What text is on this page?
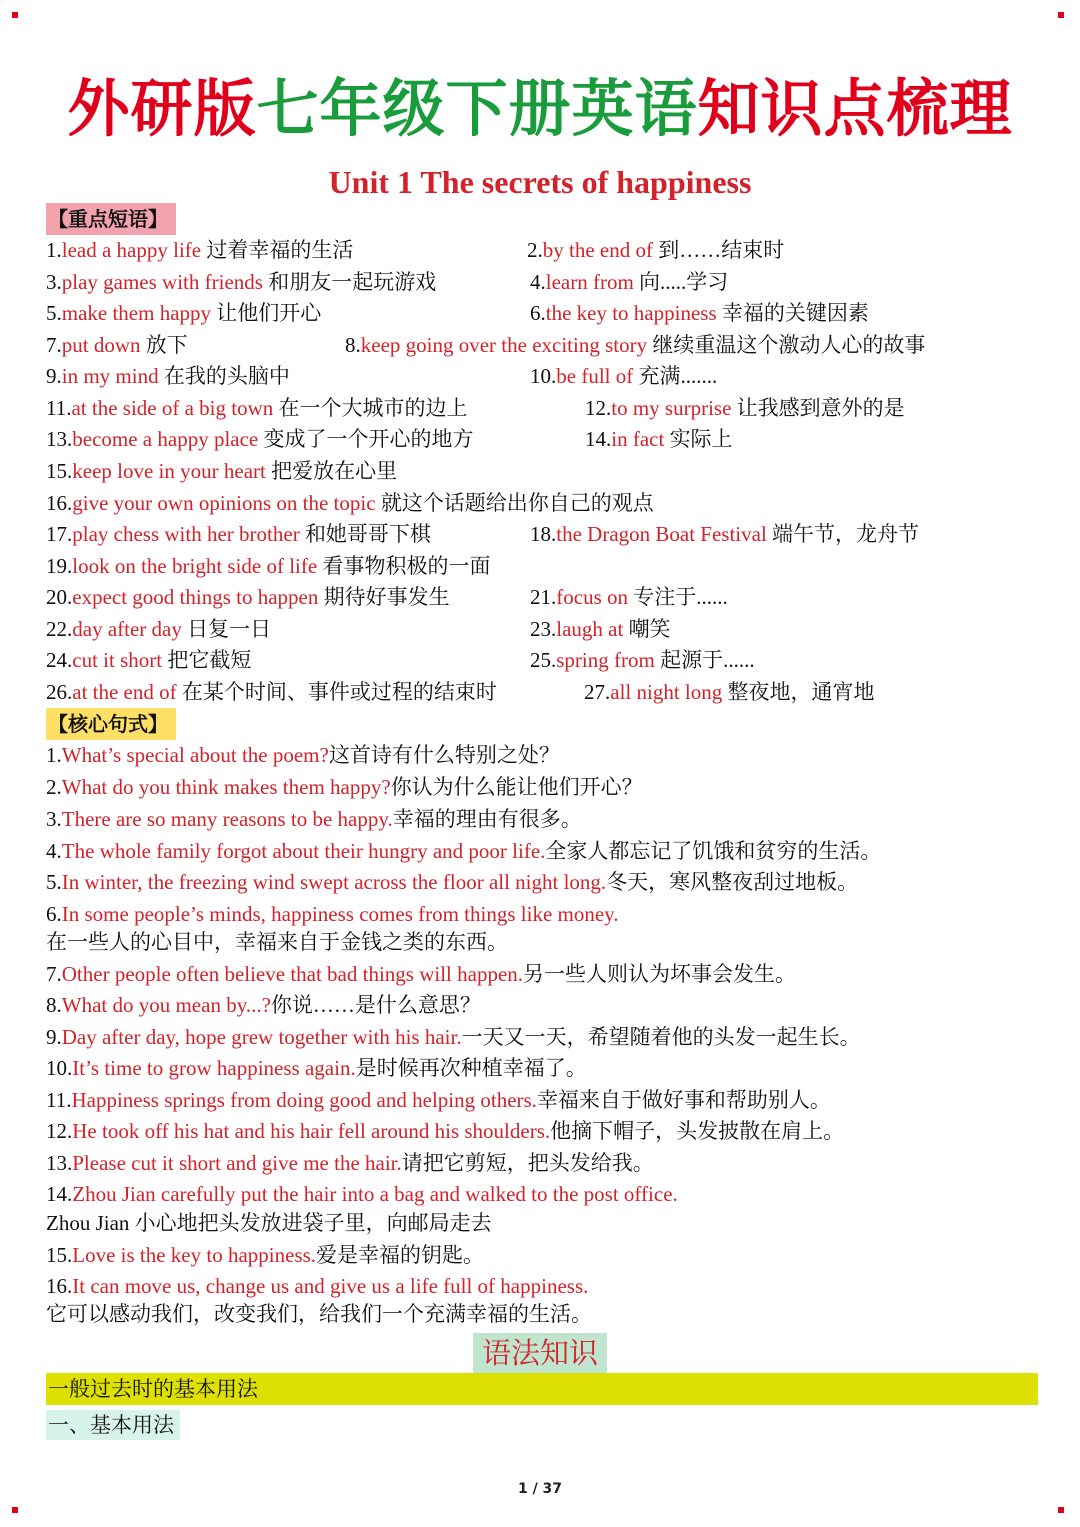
外研版七年级下册英语知识点梳理
Unit 1 The secrets of happiness
【重点短语】
1.lead a happy life 过着幸福的生活	2.by the end of 到……结束时
3.play games with friends 和朋友一起玩游戏	4.learn from 向.....学习
5.make them happy 让他们开心	6.the key to happiness 幸福的关键因素
7.put down 放下	8.keep going over the exciting story 继续重温这个激动人心的故事
9.in my mind 在我的头脑中	10.be full of 充满.......
11.at the side of a big town 在一个大城市的边上	12.to my surprise 让我感到意外的是
13.become a happy place 变成了一个开心的地方	14.in fact 实际上
15.keep love in your heart 把爱放在心里
16.give your own opinions on the topic 就这个话题给出你自己的观点
17.play chess with her brother 和她哥哥下棋	18.the Dragon Boat Festival 端午节，龙舟节
19.look on the bright side of life 看事物积极的一面
20.expect good things to happen 期待好事发生	21.focus on 专注于......
22.day after day 日复一日	23.laugh at 嘲笑
24.cut it short 把它截短	25.spring from 起源于......
26.at the end of 在某个时间、事件或过程的结束时	27.all night long 整夜地，通宵地
【核心句式】
1.What’s special about the poem?这首诗有什么特别之处？
2.What do you think makes them happy?你认为什么能让他们开心？
3.There are so many reasons to be happy.幸福的理由有很多。
4.The whole family forgot about their hungry and poor life.全家人都忘记了饥饿和贫穷的生活。
5.In winter, the freezing wind swept across the floor all night long.冬天，寒风整夜刮过地板。
6.In some people’s minds, happiness comes from things like money.
在一些人的心目中，幸福来自于金钱之类的东西。
7.Other people often believe that bad things will happen.另一些人则认为坏事会发生。
8.What do you mean by...?你说……是什么意思？
9.Day after day, hope grew together with his hair.一天又一天，希望随着他的头发一起生长。
10.It’s time to grow happiness again.是时候再次种植幸福了。
11.Happiness springs from doing good and helping others.幸福来自于做好事和帮助别人。
12.He took off his hat and his hair fell around his shoulders.他摘下帽子，头发披散在肩上。
13.Please cut it short and give me the hair.请把它剪短，把头发给我。
14.Zhou Jian carefully put the hair into a bag and walked to the post office.
Zhou Jian 小心地把头发放进袋子里，向邮局走去
15.Love is the key to happiness.爱是幸福的钥匙。
16.It can move us, change us and give us a life full of happiness.
它可以感动我们，改变我们，给我们一个充满幸福的生活。
语法知识
一般过去时的基本用法
一、基本用法
1 / 37
